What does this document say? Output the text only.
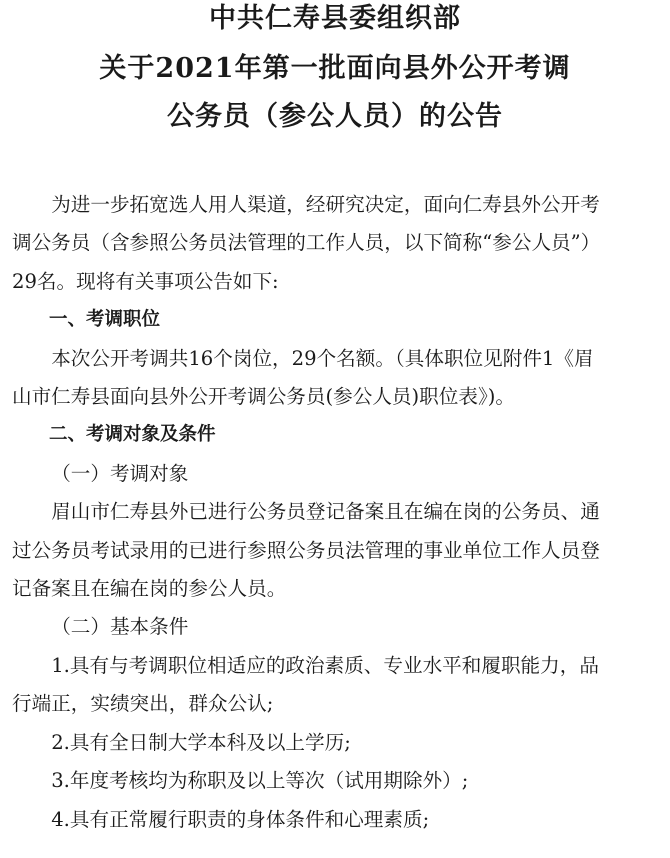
中共仁寿县委组织部
关于2021年第一批面向县外公开考调
公务员（参公人员）的公告

为进一步拓宽选人用人渠道，经研究决定，面向仁寿县外公开考调公务员（含参照公务员法管理的工作人员，以下简称“参公人员”）29名。现将有关事项公告如下:

一、考调职位

本次公开考调共16个岗位，29个名额。（具体职位见附件1《眉山市仁寿县面向县外公开考调公务员(参公人员)职位表》)。

二、考调对象及条件

（一）考调对象

眉山市仁寿县外已进行公务员登记备案且在编在岗的公务员、通过公务员考试录用的已进行参照公务员法管理的事业单位工作人员登记备案且在编在岗的参公人员。

（二）基本条件

1.具有与考调职位相适应的政治素质、专业水平和履职能力，品行端正，实绩突出，群众公认;

2.具有全日制大学本科及以上学历;

3.年度考核均为称职及以上等次（试用期除外）;

4.具有正常履行职责的身体条件和心理素质;
